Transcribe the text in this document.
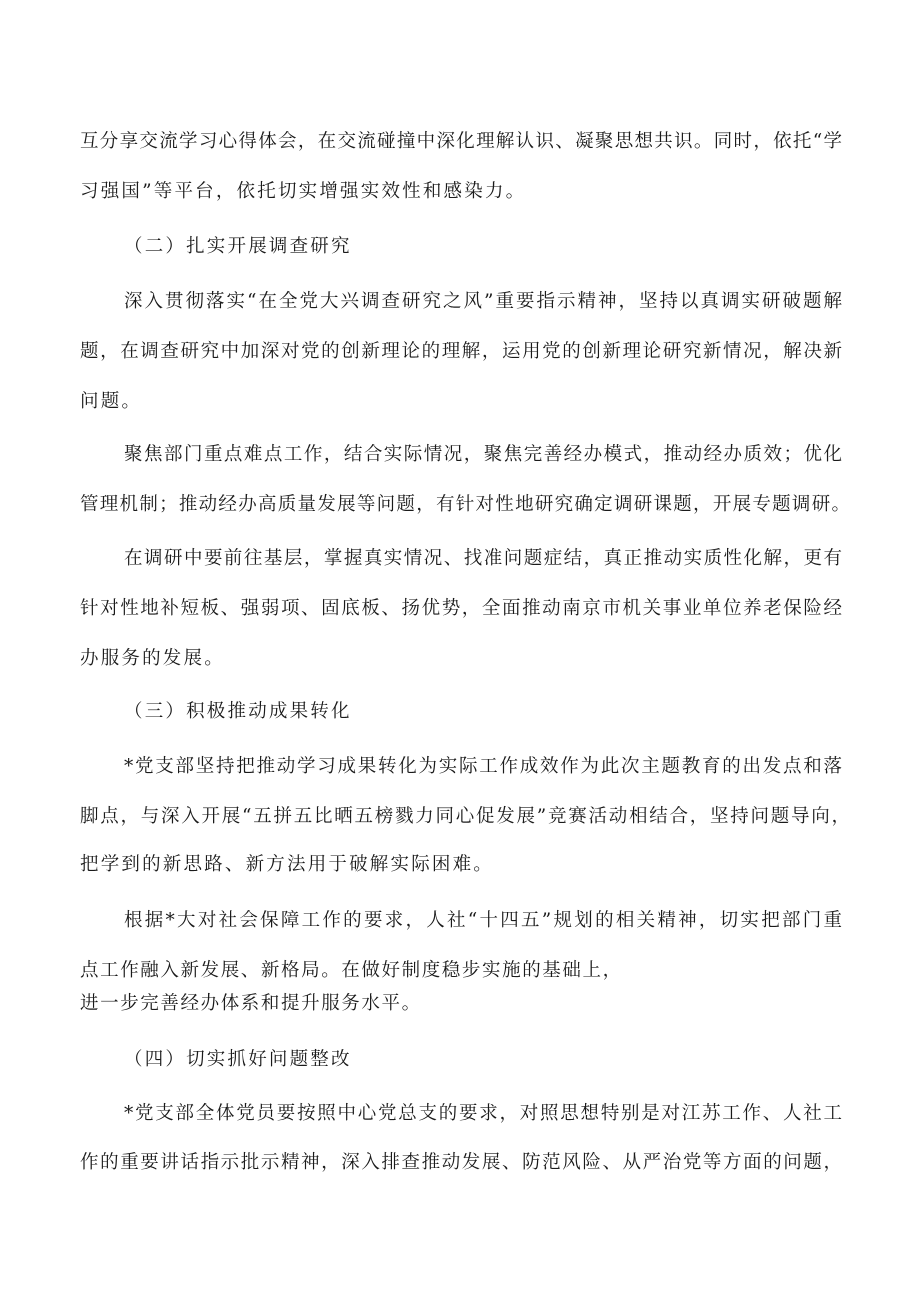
互分享交流学习心得体会，在交流碰撞中深化理解认识、凝聚思想共识。同时，依托“学
习强国”等平台，依托切实增强实效性和感染力。
（二）扎实开展调查研究
深入贯彻落实“在全党大兴调查研究之风”重要指示精神，坚持以真调实研破题解
题，在调查研究中加深对党的创新理论的理解，运用党的创新理论研究新情况，解决新
问题。
聚焦部门重点难点工作，结合实际情况，聚焦完善经办模式，推动经办质效；优化
管理机制；推动经办高质量发展等问题，有针对性地研究确定调研课题，开展专题调研。
在调研中要前往基层，掌握真实情况、找准问题症结，真正推动实质性化解，更有
针对性地补短板、强弱项、固底板、扬优势，全面推动南京市机关事业单位养老保险经
办服务的发展。
（三）积极推动成果转化
*党支部坚持把推动学习成果转化为实际工作成效作为此次主题教育的出发点和落
脚点，与深入开展“五拼五比晒五榜戮力同心促发展”竞赛活动相结合，坚持问题导向，
把学到的新思路、新方法用于破解实际困难。
根据*大对社会保障工作的要求，人社“十四五”规划的相关精神，切实把部门重
点工作融入新发展、新格局。在做好制度稳步实施的基础上，
进一步完善经办体系和提升服务水平。
（四）切实抓好问题整改
*党支部全体党员要按照中心党总支的要求，对照思想特别是对江苏工作、人社工
作的重要讲话指示批示精神，深入排查推动发展、防范风险、从严治党等方面的问题，
